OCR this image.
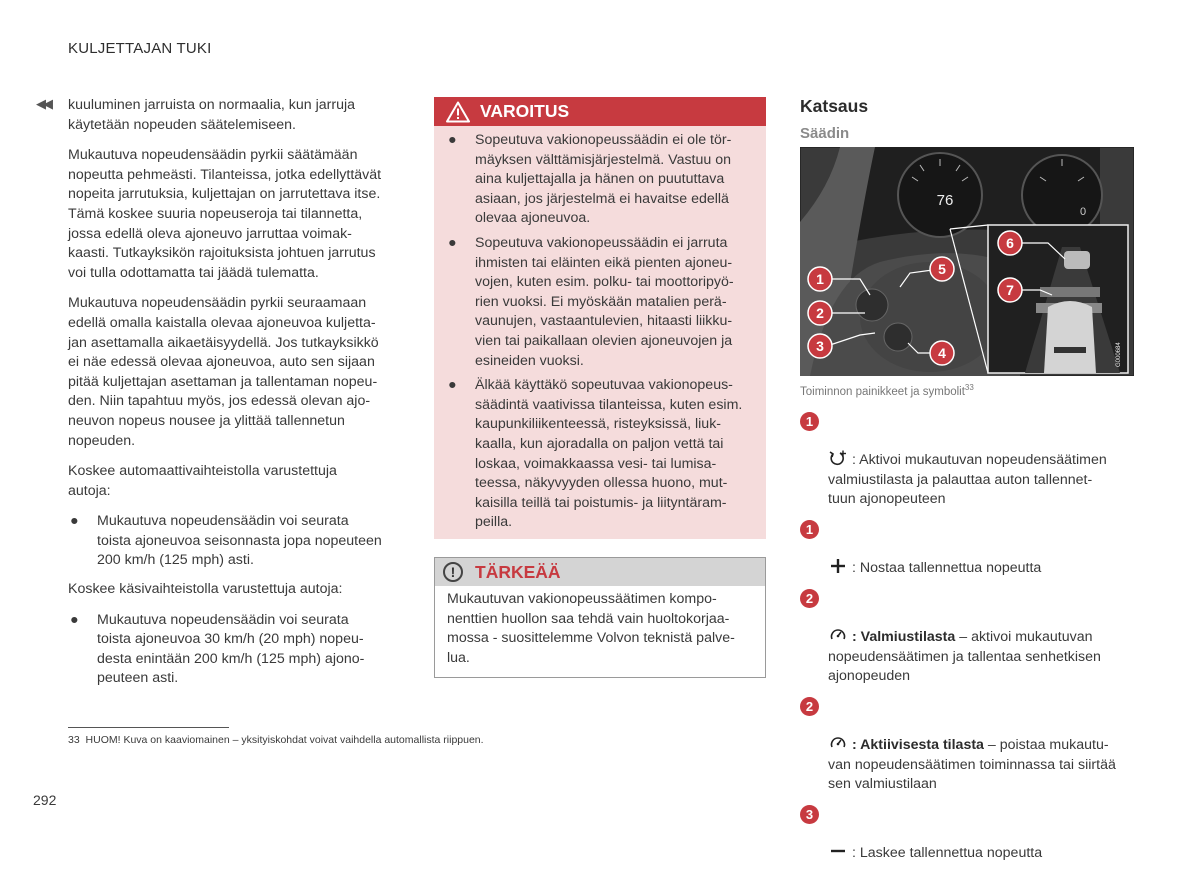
KULJETTAJAN TUKI
◀◀ kuuluminen jarruista on normaalia, kun jarruja
käytetään nopeuden säätelemiseen.

Mukautuva nopeudensäädin pyrkii säätämään
nopeutta pehmeästi. Tilanteissa, jotka edellyttävät
nopeita jarrutuksia, kuljettajan on jarrutettava itse.
Tämä koskee suuria nopeuseroja tai tilannetta,
jossa edellä oleva ajoneuvo jarruttaa voimak-
kaasti. Tutkayksikön rajoituksista johtuen jarrutus
voi tulla odottamatta tai jäädä tulematta.

Mukautuva nopeudensäädin pyrkii seuraamaan
edellä omalla kaistalla olevaa ajoneuvoa kuljetta-
jan asettamalla aikaetäisyydellä. Jos tutkayksikkö
ei näe edessä olevaa ajoneuvoa, auto sen sijaan
pitää kuljettajan asettaman ja tallentaman nopeu-
den. Niin tapahtuu myös, jos edessä olevan ajo-
neuvon nopeus nousee ja ylittää tallennetun
nopeuden.

Koskee automaattivaihteistolla varustettuja
autoja:

● Mukautuva nopeudensäädin voi seurata
toista ajoneuvoa seisonnasta jopa nopeuteen
200 km/h (125 mph) asti.

Koskee käsivaihteistolla varustettuja autoja:

● Mukautuva nopeudensäädin voi seurata
toista ajoneuvoa 30 km/h (20 mph) nopeu-
desta enintään 200 km/h (125 mph) ajono-
peuteen asti.
VAROITUS
● Sopeutuva vakionopeussäädin ei ole tör-
mäyksen välttämisjärjestelmä. Vastuu on
aina kuljettajalla ja hänen on puututtava
asiaan, jos järjestelmä ei havaitse edellä
olevaa ajoneuvoa.
● Sopeutuva vakionopeussäädin ei jarruta
ihmisten tai eläinten eikä pienten ajoneu-
vojen, kuten esim. polku- tai moottoripyö-
rien vuoksi. Ei myöskään matalien perä-
vaunujen, vastaantulevien, hitaasti liikku-
vien tai paikallaan olevien ajoneuvojen ja
esineiden vuoksi.
● Älkää käyttäkö sopeutuvaa vakionopeus-
säädintä vaativissa tilanteissa, kuten esim.
kaupunkiliikenteessä, risteyksissä, liuk-
kaalla, kun ajoradalla on paljon vettä tai
loskaa, voimakkaassa vesi- tai lumisa-
teessa, näkyvyyden ollessa huono, mut-
kaisilla teillä tai poistumis- ja liityntäram-
peilla.
!	TÄRKEÄÄ
Mukautuvan vakionopeussäätimen kompo-
nenttien huollon saa tehdä vain huoltokorjaa-
mossa - suosittelemme Volvon teknistä palve-
lua.
Katsaus
Säädin
76
0
G000684
1
2
3	4
5
6
7
Toiminnon painikkeet ja symbolit$^{33}$

1

: Aktivoi mukautuvan nopeudensäätimen
valmiustilasta ja palauttaa auton tallennet-
tuun ajonopeuteen

1

: Nostaa tallennettua nopeutta

2

: Valmiustilasta – aktivoi mukautuvan
nopeudensäätimen ja tallentaa senhetkisen
ajonopeuden

2

: Aktiivisesta tilasta – poistaa mukautu-
van nopeudensäätimen toiminnassa tai siirtää
sen valmiustilaan

3

: Laskee tallennettua nopeutta

33 HUOM! Kuva on kaaviomainen – yksityiskohdat voivat vaihdella automallista riippuen.
292
